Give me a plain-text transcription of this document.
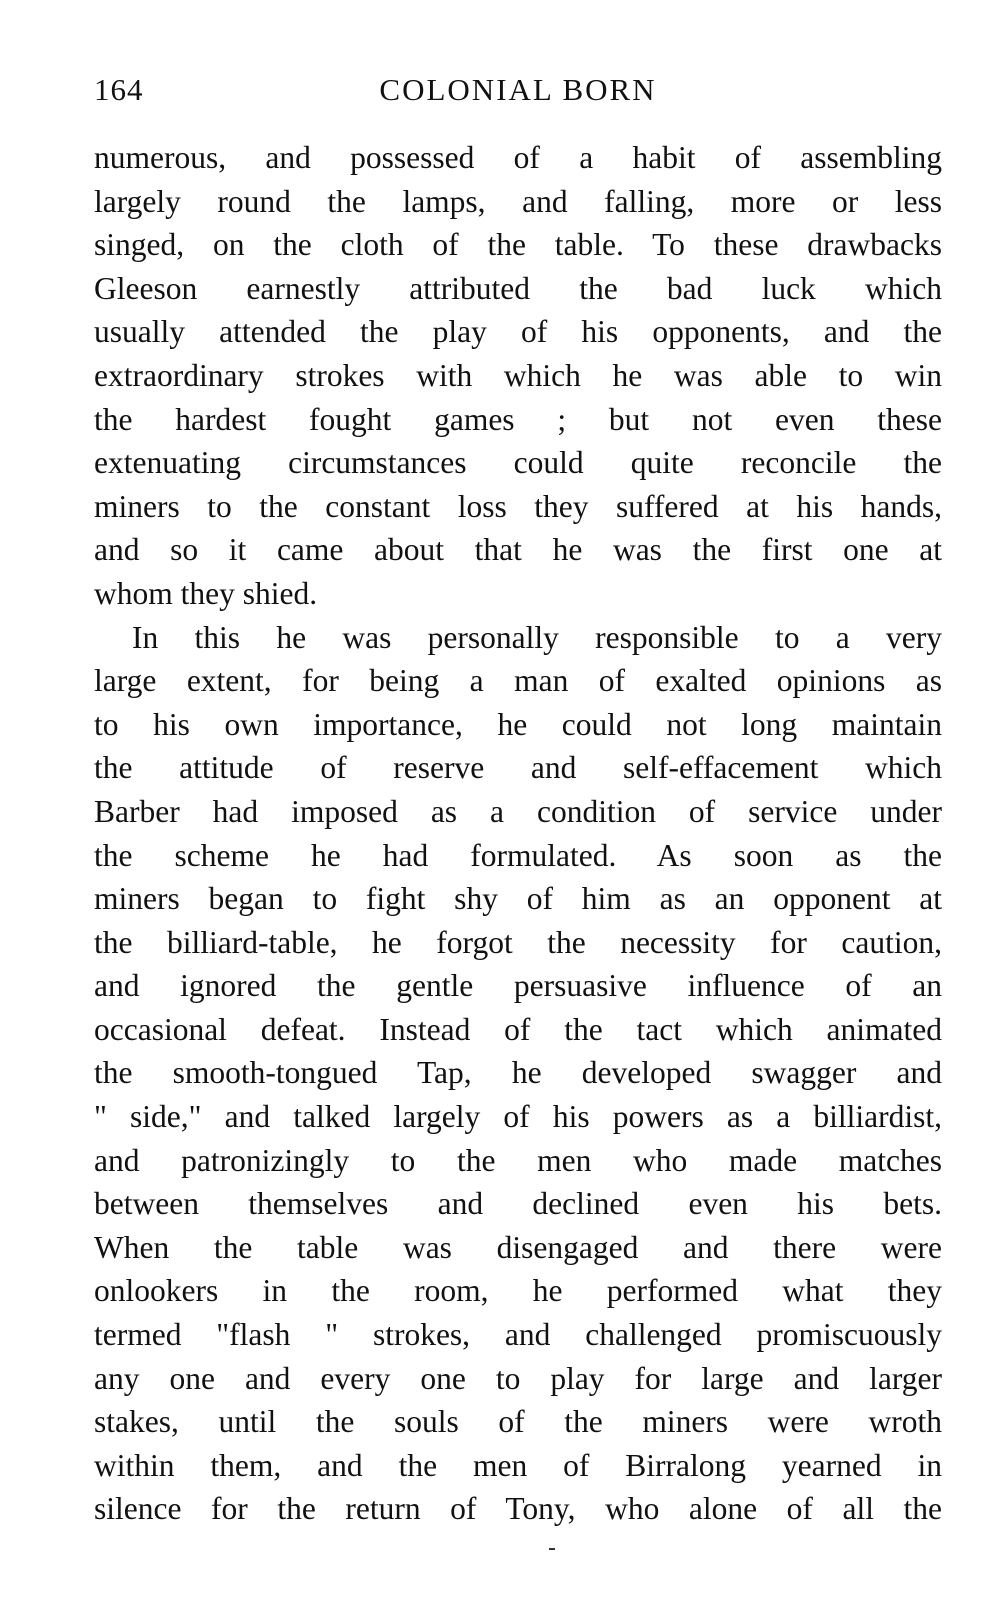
164	COLONIAL BORN
numerous, and possessed of a habit of assembling
largely round the lamps, and falling, more or less
singed, on the cloth of the table. To these drawbacks
Gleeson earnestly attributed the bad luck which
usually attended the play of his opponents, and the
extraordinary strokes with which he was able to win
the hardest fought games ; but not even these
extenuating circumstances could quite reconcile the
miners to the constant loss they suffered at his hands,
and so it came about that he was the first one at
whom they shied.
In this he was personally responsible to a very
large extent, for being a man of exalted opinions as
to his own importance, he could not long maintain
the attitude of reserve and self-effacement which
Barber had imposed as a condition of service under
the scheme he had formulated. As soon as the
miners began to fight shy of him as an opponent at
the billiard-table, he forgot the necessity for caution,
and ignored the gentle persuasive influence of an
occasional defeat. Instead of the tact which animated
the smooth-tongued Tap, he developed swagger and
" side," and talked largely of his powers as a billiardist,
and patronizingly to the men who made matches
between themselves and declined even his bets.
When the table was disengaged and there were
onlookers in the room, he performed what they
termed "flash " strokes, and challenged promiscuously
any one and every one to play for large and larger
stakes, until the souls of the miners were wroth
within them, and the men of Birralong yearned in
silence for the return of Tony, who alone of all the
